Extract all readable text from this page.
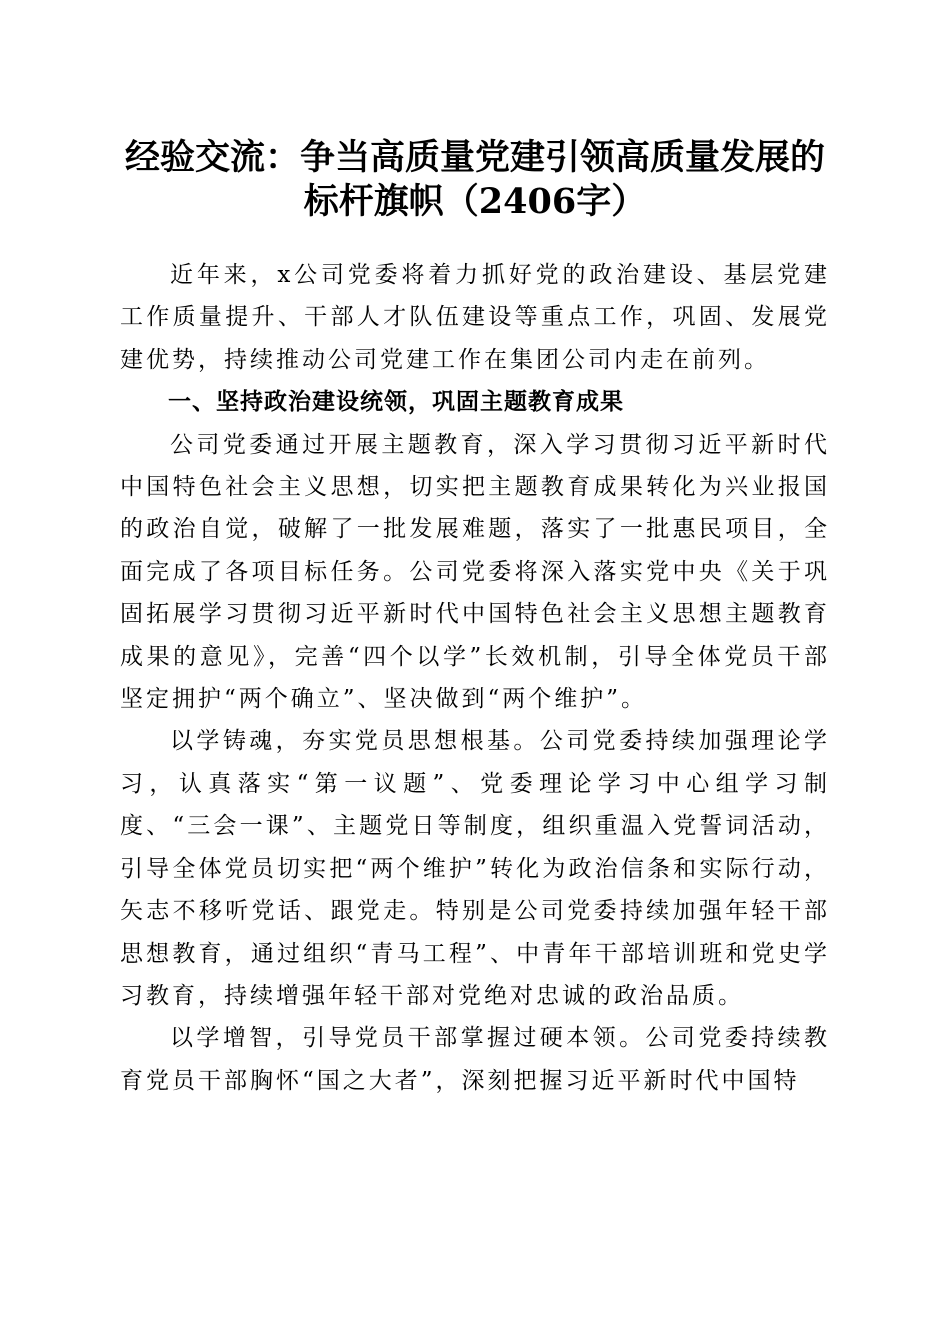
经验交流：争当高质量党建引领高质量发展的
标杆旗帜（2406字）

近年来，x公司党委将着力抓好党的政治建设、基层党建工作质量提升、干部人才队伍建设等重点工作，巩固、发展党建优势，持续推动公司党建工作在集团公司内走在前列。

一、坚持政治建设统领，巩固主题教育成果

公司党委通过开展主题教育，深入学习贯彻习近平新时代中国特色社会主义思想，切实把主题教育成果转化为兴业报国的政治自觉，破解了一批发展难题，落实了一批惠民项目，全面完成了各项目标任务。公司党委将深入落实党中央《关于巩固拓展学习贯彻习近平新时代中国特色社会主义思想主题教育成果的意见》，完善“四个以学”长效机制，引导全体党员干部坚定拥护“两个确立”、坚决做到“两个维护”。

以学铸魂，夯实党员思想根基。公司党委持续加强理论学习，认真落实“第一议题”、党委理论学习中心组学习制度、“三会一课”、主题党日等制度，组织重温入党誓词活动，引导全体党员切实把“两个维护”转化为政治信条和实际行动，矢志不移听党话、跟党走。特别是公司党委持续加强年轻干部思想教育，通过组织“青马工程”、中青年干部培训班和党史学习教育，持续增强年轻干部对党绝对忠诚的政治品质。

以学增智，引导党员干部掌握过硬本领。公司党委持续教育党员干部胸怀“国之大者”，深刻把握习近平新时代中国特
